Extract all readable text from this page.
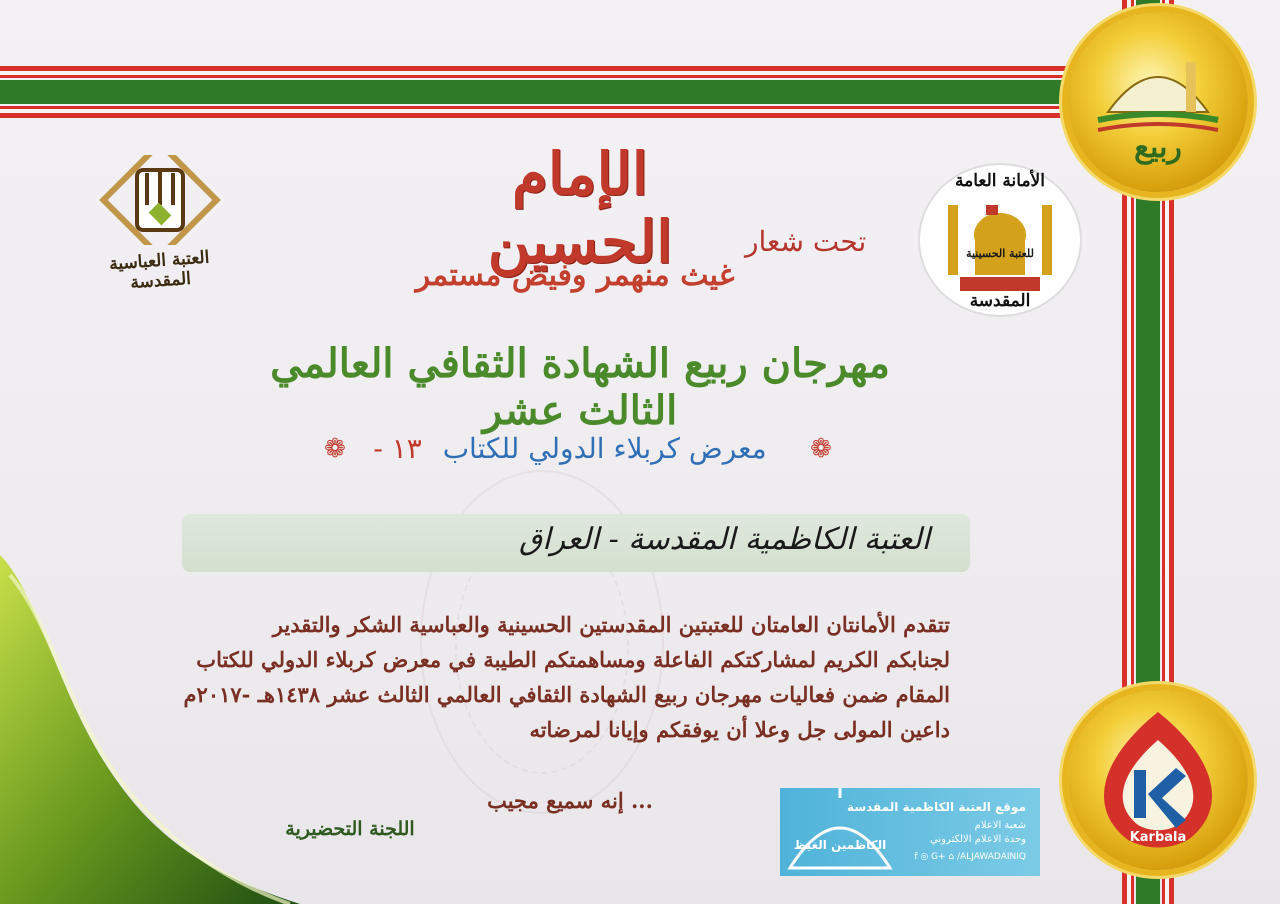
العتبة العباسية المقدسة
الأمانة العامة
للعتبة الحسينية
المقدسة
ربيع
Karbala
الإمام الحسين	تحت شعار
غيث منهمر وفيض مستمر
مهرجان ربيع الشهادة الثقافي العالمي الثالث عشر
❁	❁
معرض كربلاء الدولي للكتاب ١٣ -
العتبة الكاظمية المقدسة - العراق
تتقدم الأمانتان العامتان للعتبتين المقدستين الحسينية والعباسية الشكر والتقدير
لجنابكم الكريم لمشاركتكم الفاعلة ومساهمتكم الطيبة في معرض كربلاء الدولي للكتاب
المقام ضمن فعاليات مهرجان ربيع الشهادة الثقافي العالمي الثالث عشر ١٤٣٨هـ -٢٠١٧م
داعين المولى جل وعلا أن يوفقكم وإيانا لمرضاته
... إنه سميع مجيب
اللجنة التحضيرية
الكاظمين الغيظ
موقع العتبة الكاظمية المقدسة
شعبة الاعلام
وحدة الاعلام الالكتروني
f ◎ G+ ⌂ /ALJAWADAINIQ
